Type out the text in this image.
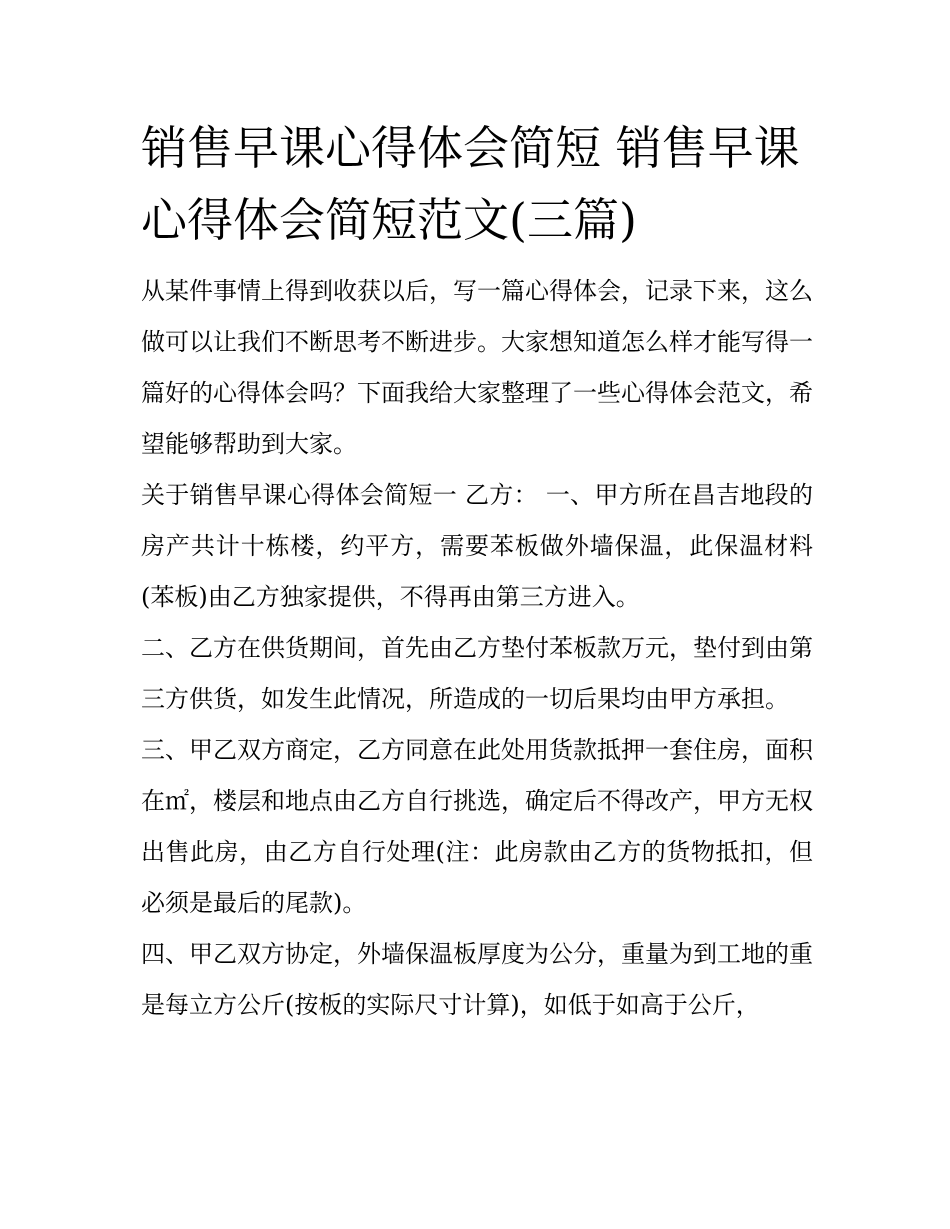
销售早课心得体会简短 销售早课心得体会简短范文(三篇)

从某件事情上得到收获以后，写一篇心得体会，记录下来，这么做可以让我们不断思考不断进步。大家想知道怎么样才能写得一篇好的心得体会吗？下面我给大家整理了一些心得体会范文，希望能够帮助到大家。

关于销售早课心得体会简短一 乙方： 一、甲方所在昌吉地段的房产共计十栋楼，约平方，需要苯板做外墙保温，此保温材料(苯板)由乙方独家提供，不得再由第三方进入。

二、乙方在供货期间，首先由乙方垫付苯板款万元，垫付到由第三方供货，如发生此情况，所造成的一切后果均由甲方承担。

三、甲乙双方商定，乙方同意在此处用货款抵押一套住房，面积在㎡，楼层和地点由乙方自行挑选，确定后不得改产，甲方无权出售此房，由乙方自行处理(注：此房款由乙方的货物抵扣，但必须是最后的尾款)。

四、甲乙双方协定，外墙保温板厚度为公分，重量为到工地的重是每立方公斤(按板的实际尺寸计算)，如低于如高于公斤，
